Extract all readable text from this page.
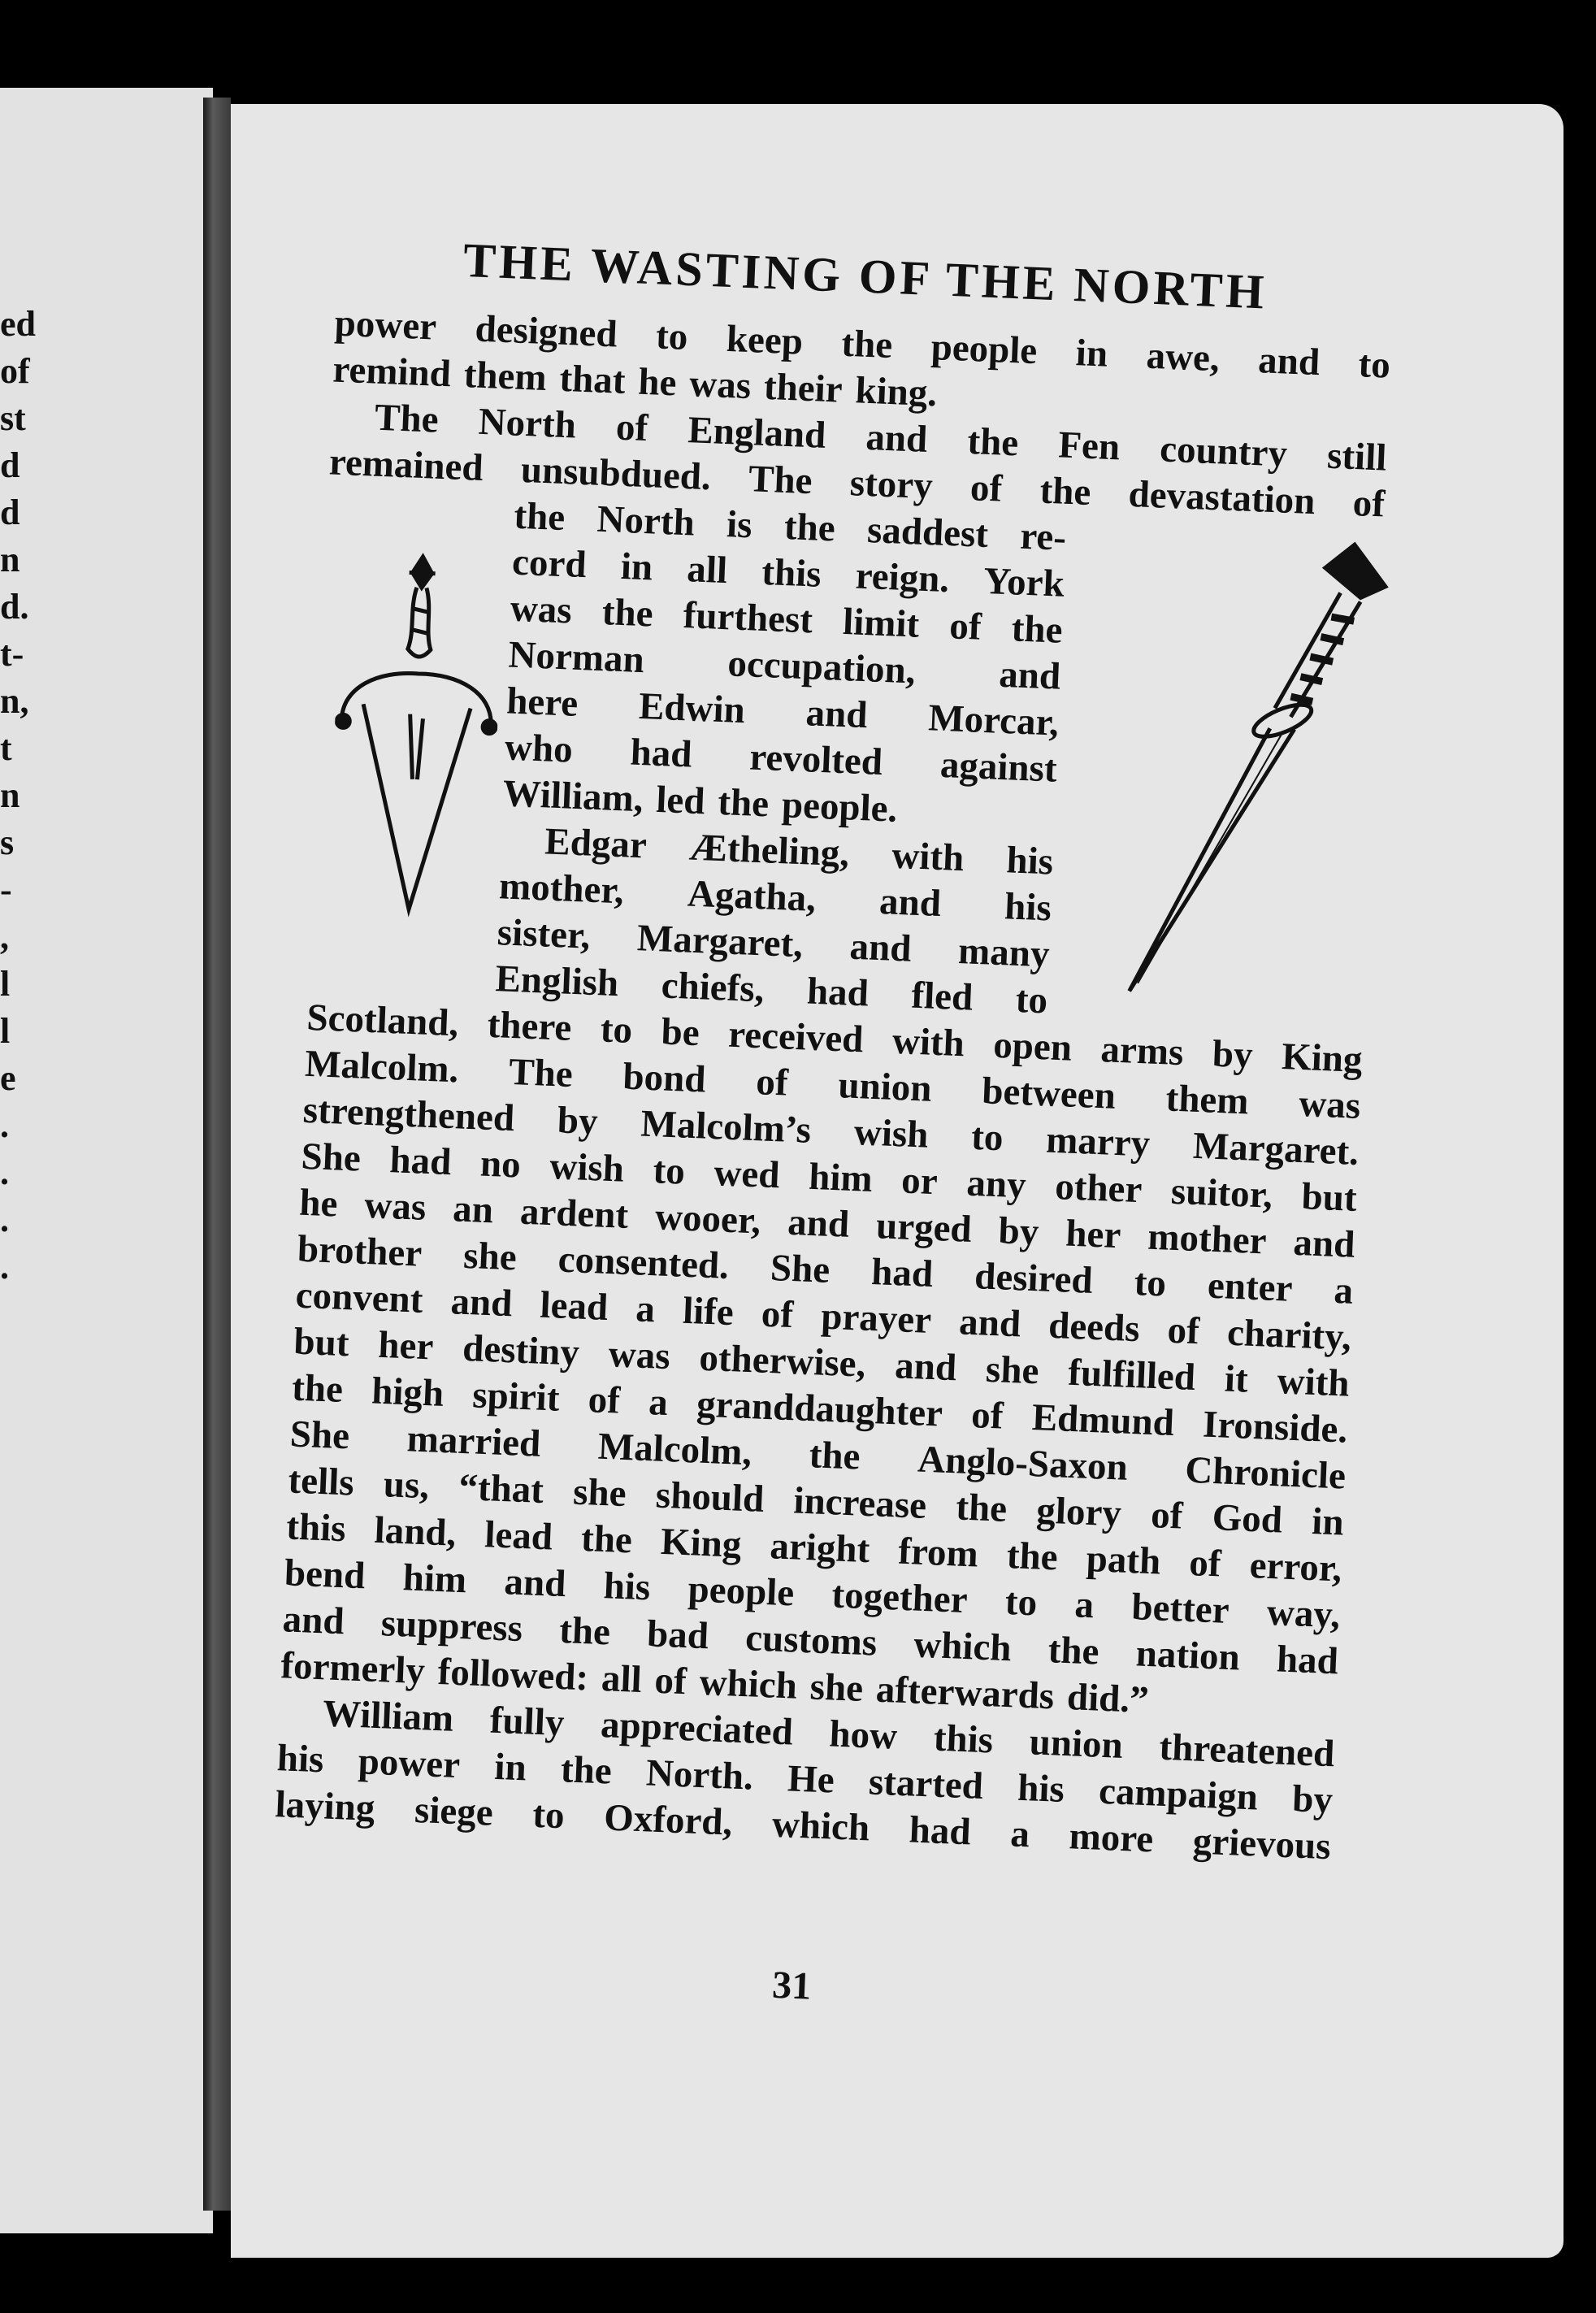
ed
of
st
d
d
n
d.
t-
n,
t
n
s
-
,
l
l
e
.
.
.
.
THE WASTING OF THE NORTH
power designed to keep the people in awe, and to
remind them that he was their king.
The North of England and the Fen country still
remained unsubdued. The story of the devastation of
the North is the saddest re-
cord in all this reign. York
was the furthest limit of the
Norman occupation, and
here Edwin and Morcar,
who had revolted against
William, led the people.
Edgar Ætheling, with his
mother, Agatha, and his
sister, Margaret, and many
English chiefs, had fled to
Scotland, there to be received with open arms by King
Malcolm. The bond of union between them was
strengthened by Malcolm’s wish to marry Margaret.
She had no wish to wed him or any other suitor, but
he was an ardent wooer, and urged by her mother and
brother she consented. She had desired to enter a
convent and lead a life of prayer and deeds of charity,
but her destiny was otherwise, and she fulfilled it with
the high spirit of a granddaughter of Edmund Ironside.
She married Malcolm, the Anglo-Saxon Chronicle
tells us, “that she should increase the glory of God in
this land, lead the King aright from the path of error,
bend him and his people together to a better way,
and suppress the bad customs which the nation had
formerly followed: all of which she afterwards did.”
William fully appreciated how this union threatened
his power in the North. He started his campaign by
laying siege to Oxford, which had a more grievous
31
